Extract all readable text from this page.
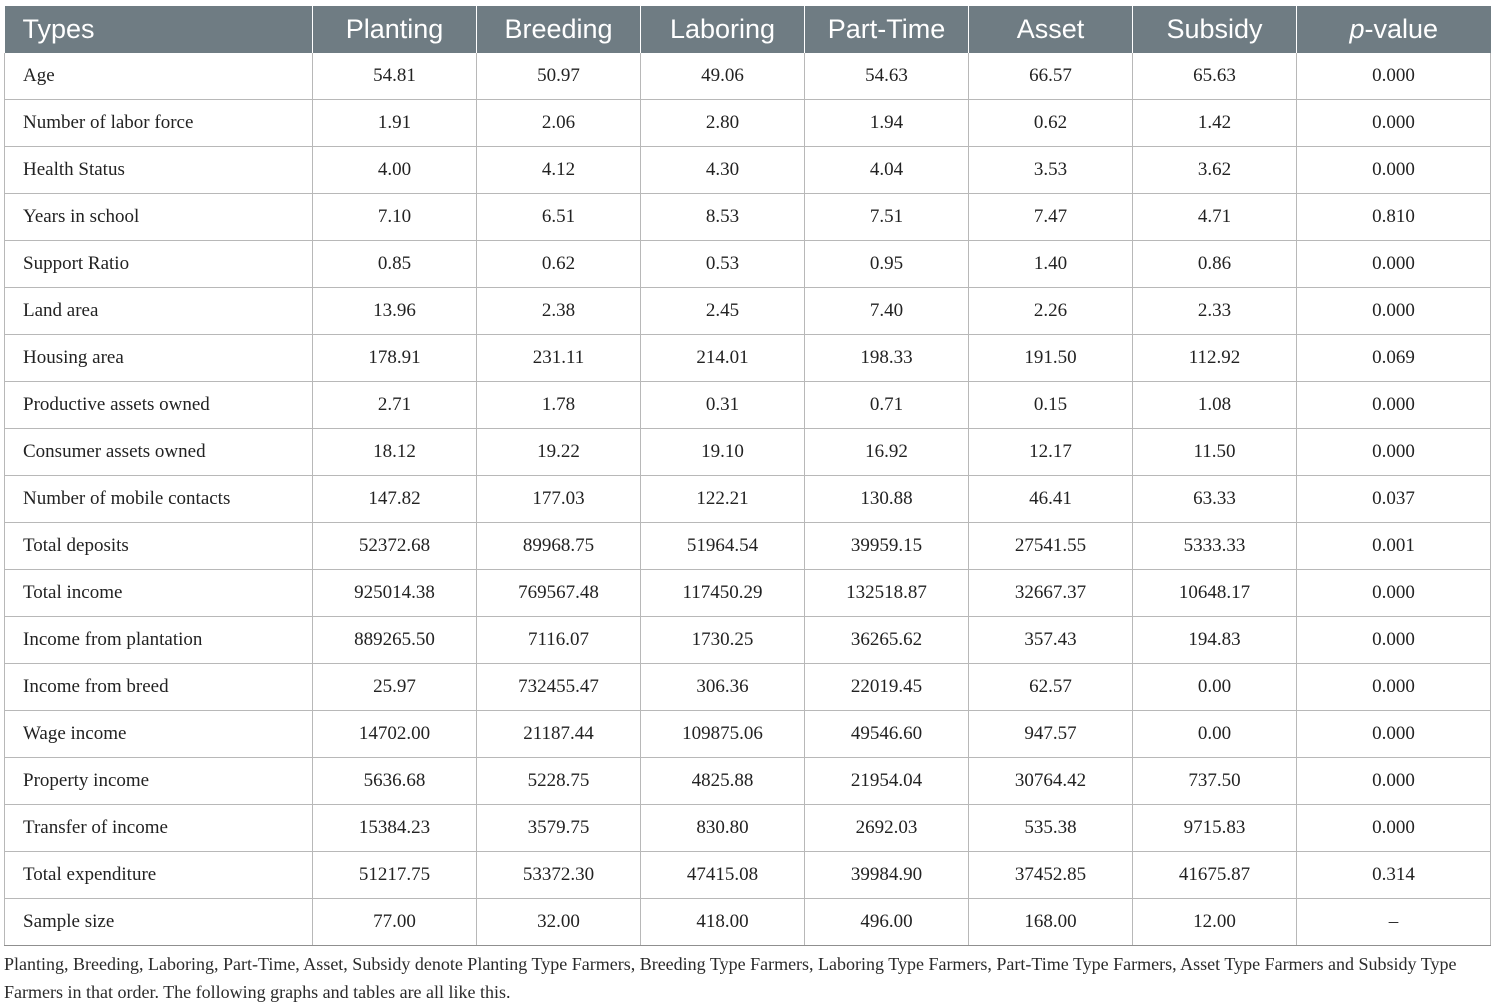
Types	Planting	Breeding	Laboring	Part-Time	Asset	Subsidy	p-value
Age	54.81	50.97	49.06	54.63	66.57	65.63	0.000
Number of labor force	1.91	2.06	2.80	1.94	0.62	1.42	0.000
Health Status	4.00	4.12	4.30	4.04	3.53	3.62	0.000
Years in school	7.10	6.51	8.53	7.51	7.47	4.71	0.810
Support Ratio	0.85	0.62	0.53	0.95	1.40	0.86	0.000
Land area	13.96	2.38	2.45	7.40	2.26	2.33	0.000
Housing area	178.91	231.11	214.01	198.33	191.50	112.92	0.069
Productive assets owned	2.71	1.78	0.31	0.71	0.15	1.08	0.000
Consumer assets owned	18.12	19.22	19.10	16.92	12.17	11.50	0.000
Number of mobile contacts	147.82	177.03	122.21	130.88	46.41	63.33	0.037
Total deposits	52372.68	89968.75	51964.54	39959.15	27541.55	5333.33	0.001
Total income	925014.38	769567.48	117450.29	132518.87	32667.37	10648.17	0.000
Income from plantation	889265.50	7116.07	1730.25	36265.62	357.43	194.83	0.000
Income from breed	25.97	732455.47	306.36	22019.45	62.57	0.00	0.000
Wage income	14702.00	21187.44	109875.06	49546.60	947.57	0.00	0.000
Property income	5636.68	5228.75	4825.88	21954.04	30764.42	737.50	0.000
Transfer of income	15384.23	3579.75	830.80	2692.03	535.38	9715.83	0.000
Total expenditure	51217.75	53372.30	47415.08	39984.90	37452.85	41675.87	0.314
Sample size	77.00	32.00	418.00	496.00	168.00	12.00	–
Planting, Breeding, Laboring, Part-Time, Asset, Subsidy denote Planting Type Farmers, Breeding Type Farmers, Laboring Type Farmers, Part-Time Type Farmers, Asset Type Farmers and Subsidy Type Farmers in that order. The following graphs and tables are all like this.
